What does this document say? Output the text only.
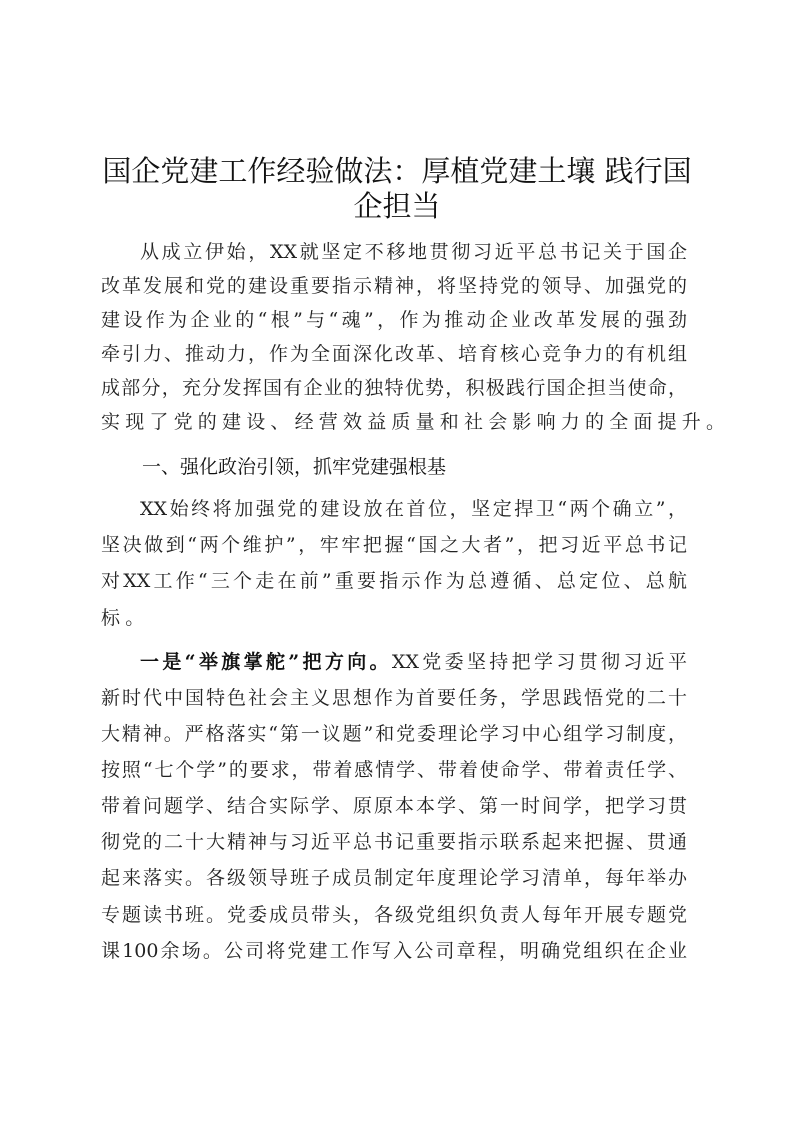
国企党建工作经验做法：厚植党建土壤 践行国
企担当
从成立伊始，XX就坚定不移地贯彻习近平总书记关于国企
改革发展和党的建设重要指示精神，将坚持党的领导、加强党的
建设作为企业的“根”与“魂”，作为推动企业改革发展的强劲
牵引力、推动力，作为全面深化改革、培育核心竞争力的有机组
成部分，充分发挥国有企业的独特优势，积极践行国企担当使命，
实现了党的建设、经营效益质量和社会影响力的全面提升。
一、强化政治引领，抓牢党建强根基
XX始终将加强党的建设放在首位，坚定捍卫“两个确立”，
坚决做到“两个维护”，牢牢把握“国之大者”，把习近平总书记
对XX工作“三个走在前”重要指示作为总遵循、总定位、总航
标。
一是“举旗掌舵”把方向。XX党委坚持把学习贯彻习近平
新时代中国特色社会主义思想作为首要任务，学思践悟党的二十
大精神。严格落实“第一议题”和党委理论学习中心组学习制度，
按照“七个学”的要求，带着感情学、带着使命学、带着责任学、
带着问题学、结合实际学、原原本本学、第一时间学，把学习贯
彻党的二十大精神与习近平总书记重要指示联系起来把握、贯通
起来落实。各级领导班子成员制定年度理论学习清单，每年举办
专题读书班。党委成员带头，各级党组织负责人每年开展专题党
课100余场。公司将党建工作写入公司章程，明确党组织在企业
